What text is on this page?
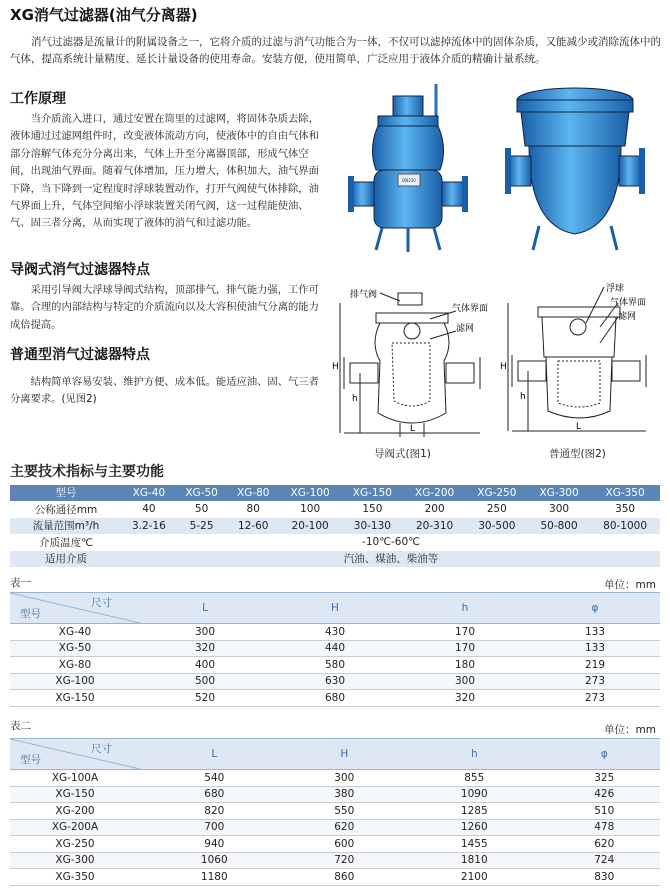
XG消气过滤器(油气分离器)

消气过滤器是流量计的附属设备之一，它将介质的过滤与消气功能合为一体，不仅可以滤掉流体中的固体杂质，又能减少或消除流体中的气体，提高系统计量精度、延长计量设备的使用寿命。安装方便，使用简单，广泛应用于液体介质的精确计量系统。

工作原理

当介质流入进口，通过安置在筒里的过滤网，将固体杂质去除，液体通过过滤网组件时，改变液体流动方向，使液体中的自由气体和部分溶解气体充分分离出来，气体上升至分离器顶部，形成气体空间，出现油气界面。随着气体增加，压力增大，体积加大，油气界面下降，当下降到一定程度时浮球装置动作，打开气阀使气体排除，油气界面上升，气体空间缩小浮球装置关闭气阀，这一过程能使油、气、固三者分离，从而实现了液体的消气和过滤功能。

导阀式消气过滤器特点

采用引导阀大浮球导阀式结构，顶部排气，排气能力强，工作可靠。合理的内部结构与特定的介质流向以及大容积使油气分离的能力成倍提高。

普通型消气过滤器特点

结构简单容易安装、维护方便、成本低。能适应油、固、气三者分离要求。(见图2)

DN250
排气阀
气体界面
滤网
H
h
L
导阀式(图1)
浮球
气体界面
滤网
H
h
L
普通型(图2)
主要技术指标与主要功能
型号	XG-40	XG-50	XG-80	XG-100	XG-150	XG-200	XG-250	XG-300	XG-350
公称通径mm	40	50	80	100	150	200	250	300	350
流量范围m³/h	3.2-16	5-25	12-60	20-100	30-130	20-310	30-500	50-800	80-1000
介质温度℃	-10℃-60℃								
适用介质	汽油、煤油、柴油等								
表一	单位：mm
尺寸
型号	L	H	h	φ
XG-40	300	430	170	133
XG-50	320	440	170	133
XG-80	400	580	180	219
XG-100	500	630	300	273
XG-150	520	680	320	273
表二	单位：mm
尺寸
型号	L	H	h	φ
XG-100A	540	300	855	325
XG-150	680	380	1090	426
XG-200	820	550	1285	510
XG-200A	700	620	1260	478
XG-250	940	600	1455	620
XG-300	1060	720	1810	724
XG-350	1180	860	2100	830
